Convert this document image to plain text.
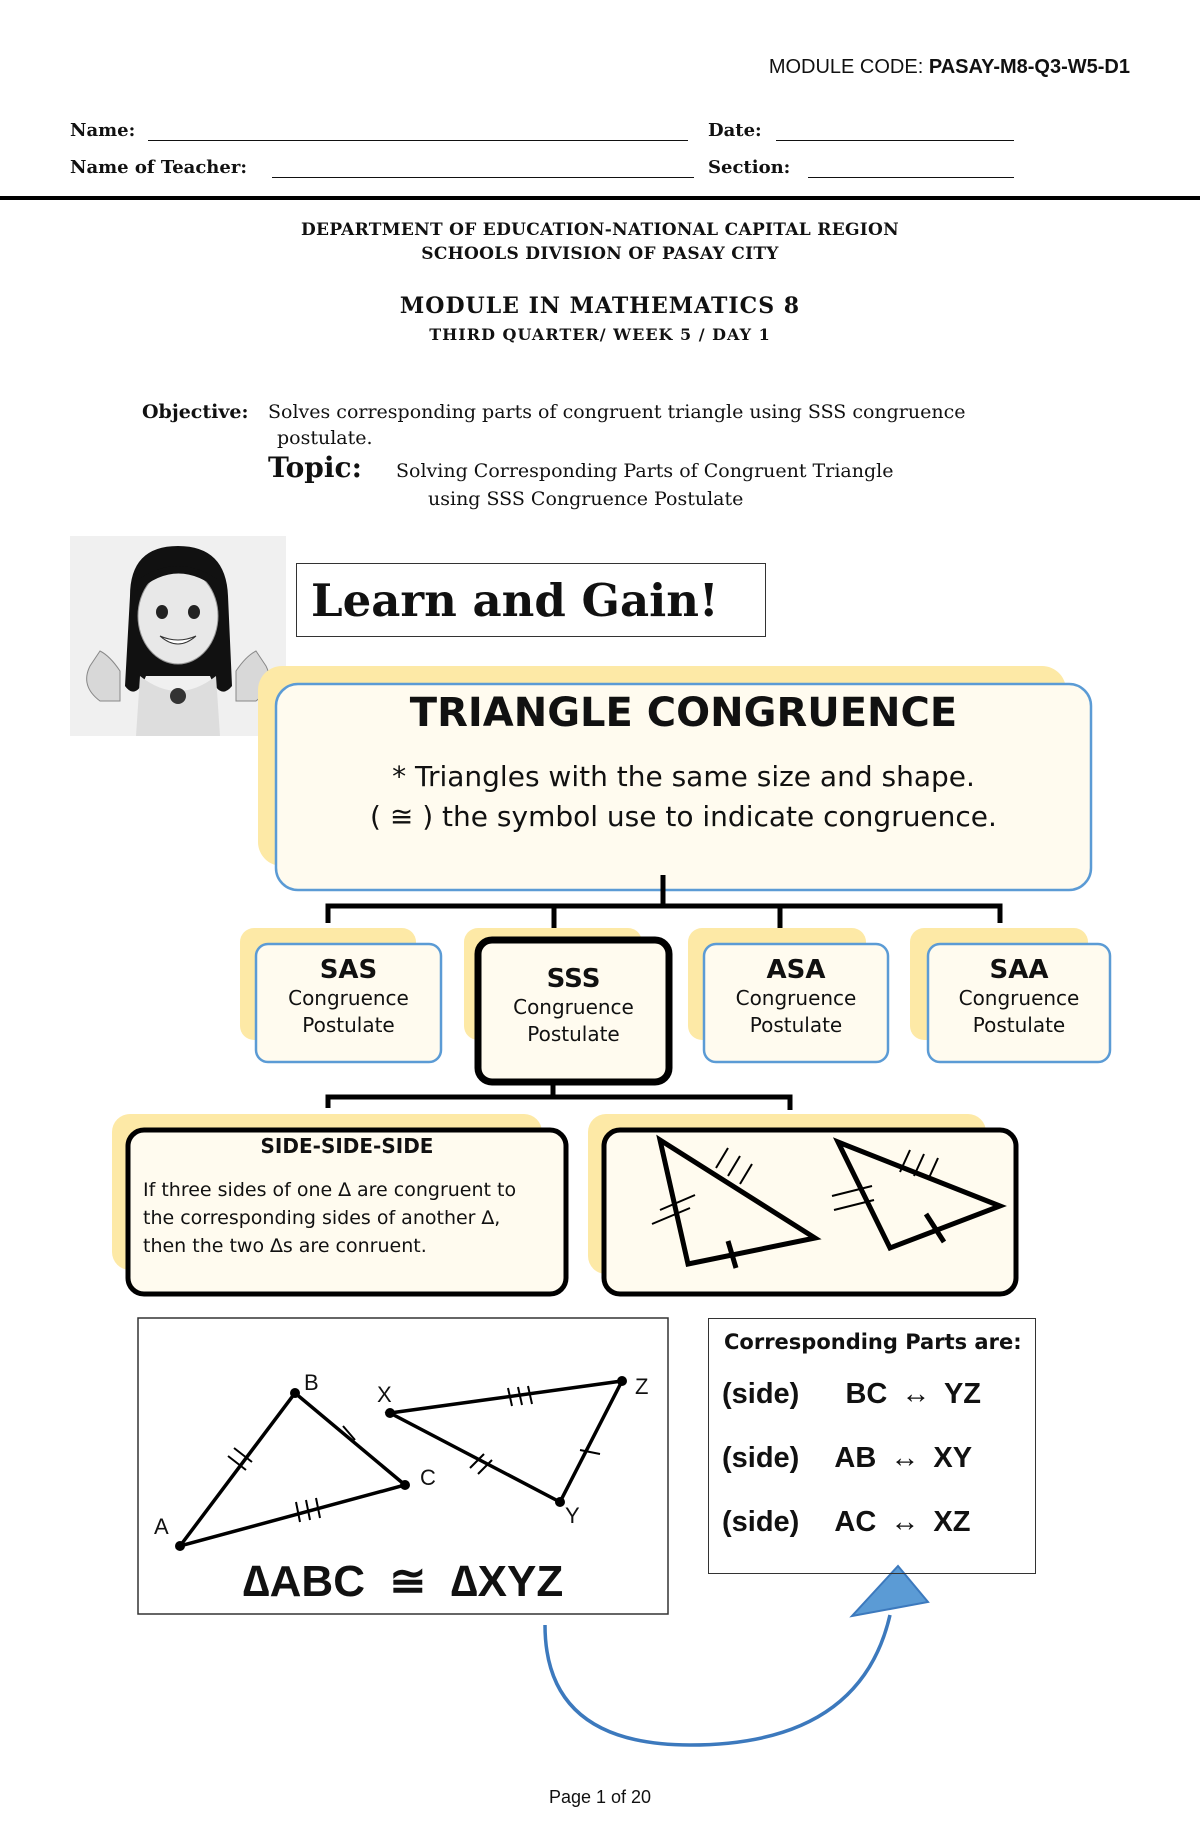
MODULE CODE: PASAY-M8-Q3-W5-D1
Name:	Date:
Name of Teacher:	Section:
DEPARTMENT OF EDUCATION-NATIONAL CAPITAL REGION
SCHOOLS DIVISION OF PASAY CITY
MODULE IN MATHEMATICS 8
THIRD QUARTER/ WEEK 5 / DAY 1
Objective: Solves corresponding parts of congruent triangle using SSS congruence
postulate.
Topic: Solving Corresponding Parts of Congruent Triangle
using SSS Congruence Postulate
Learn and Gain!
TRIANGLE CONGRUENCE
* Triangles with the same size and shape.
( ≅ ) the symbol use to indicate congruence.
SAS
Congruence
Postulate
SSS
Congruence
Postulate
ASA
Congruence
Postulate
SAA
Congruence
Postulate
SIDE-SIDE-SIDE
If three sides of one ∆ are congruent to
the corresponding sides of another ∆,
then the two ∆s are conruent.
A
B
C
X
Y
Z
∆ABC  ≅  ∆XYZ
Corresponding Parts are:
(side) BC ↔ YZ
(side) AB ↔ XY
(side) AC ↔ XZ
Page 1 of 20
